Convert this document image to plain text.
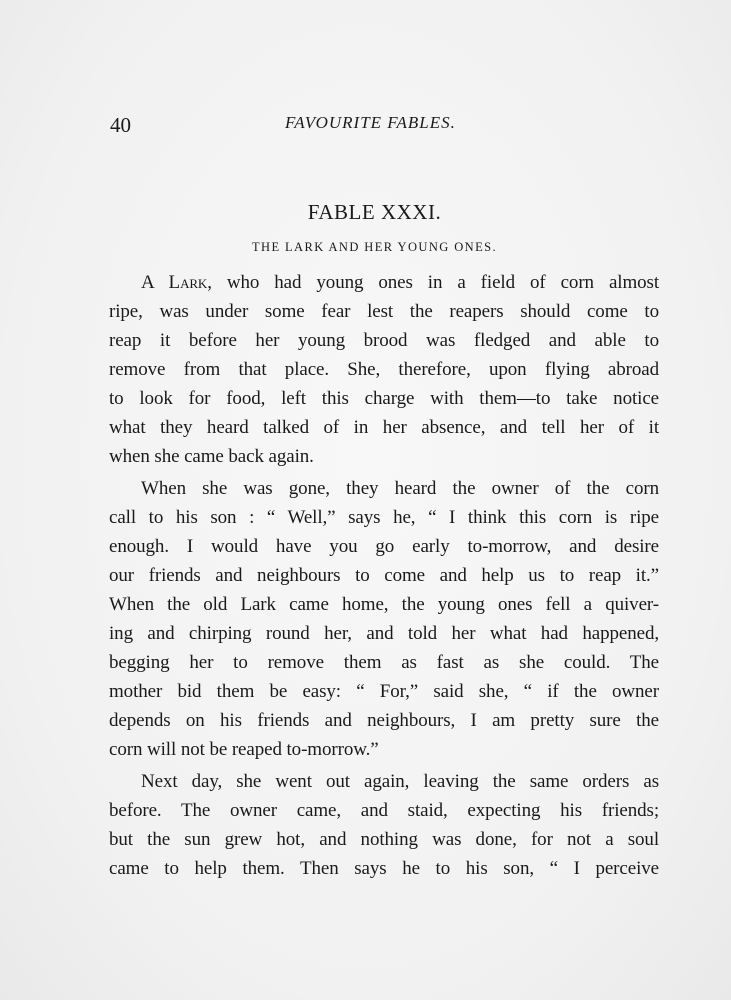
40	FAVOURITE FABLES.
FABLE XXXI.
THE LARK AND HER YOUNG ONES.
A Lark, who had young ones in a field of corn almost
ripe, was under some fear lest the reapers should come to
reap it before her young brood was fledged and able to
remove from that place. She, therefore, upon flying abroad
to look for food, left this charge with them—to take notice
what they heard talked of in her absence, and tell her of it
when she came back again.
When she was gone, they heard the owner of the corn
call to his son : “ Well,” says he, “ I think this corn is ripe
enough. I would have you go early to-morrow, and desire
our friends and neighbours to come and help us to reap it.”
When the old Lark came home, the young ones fell a quiver-
ing and chirping round her, and told her what had happened,
begging her to remove them as fast as she could. The
mother bid them be easy: “ For,” said she, “ if the owner
depends on his friends and neighbours, I am pretty sure the
corn will not be reaped to-morrow.”
Next day, she went out again, leaving the same orders as
before. The owner came, and staid, expecting his friends;
but the sun grew hot, and nothing was done, for not a soul
came to help them. Then says he to his son, “ I perceive
